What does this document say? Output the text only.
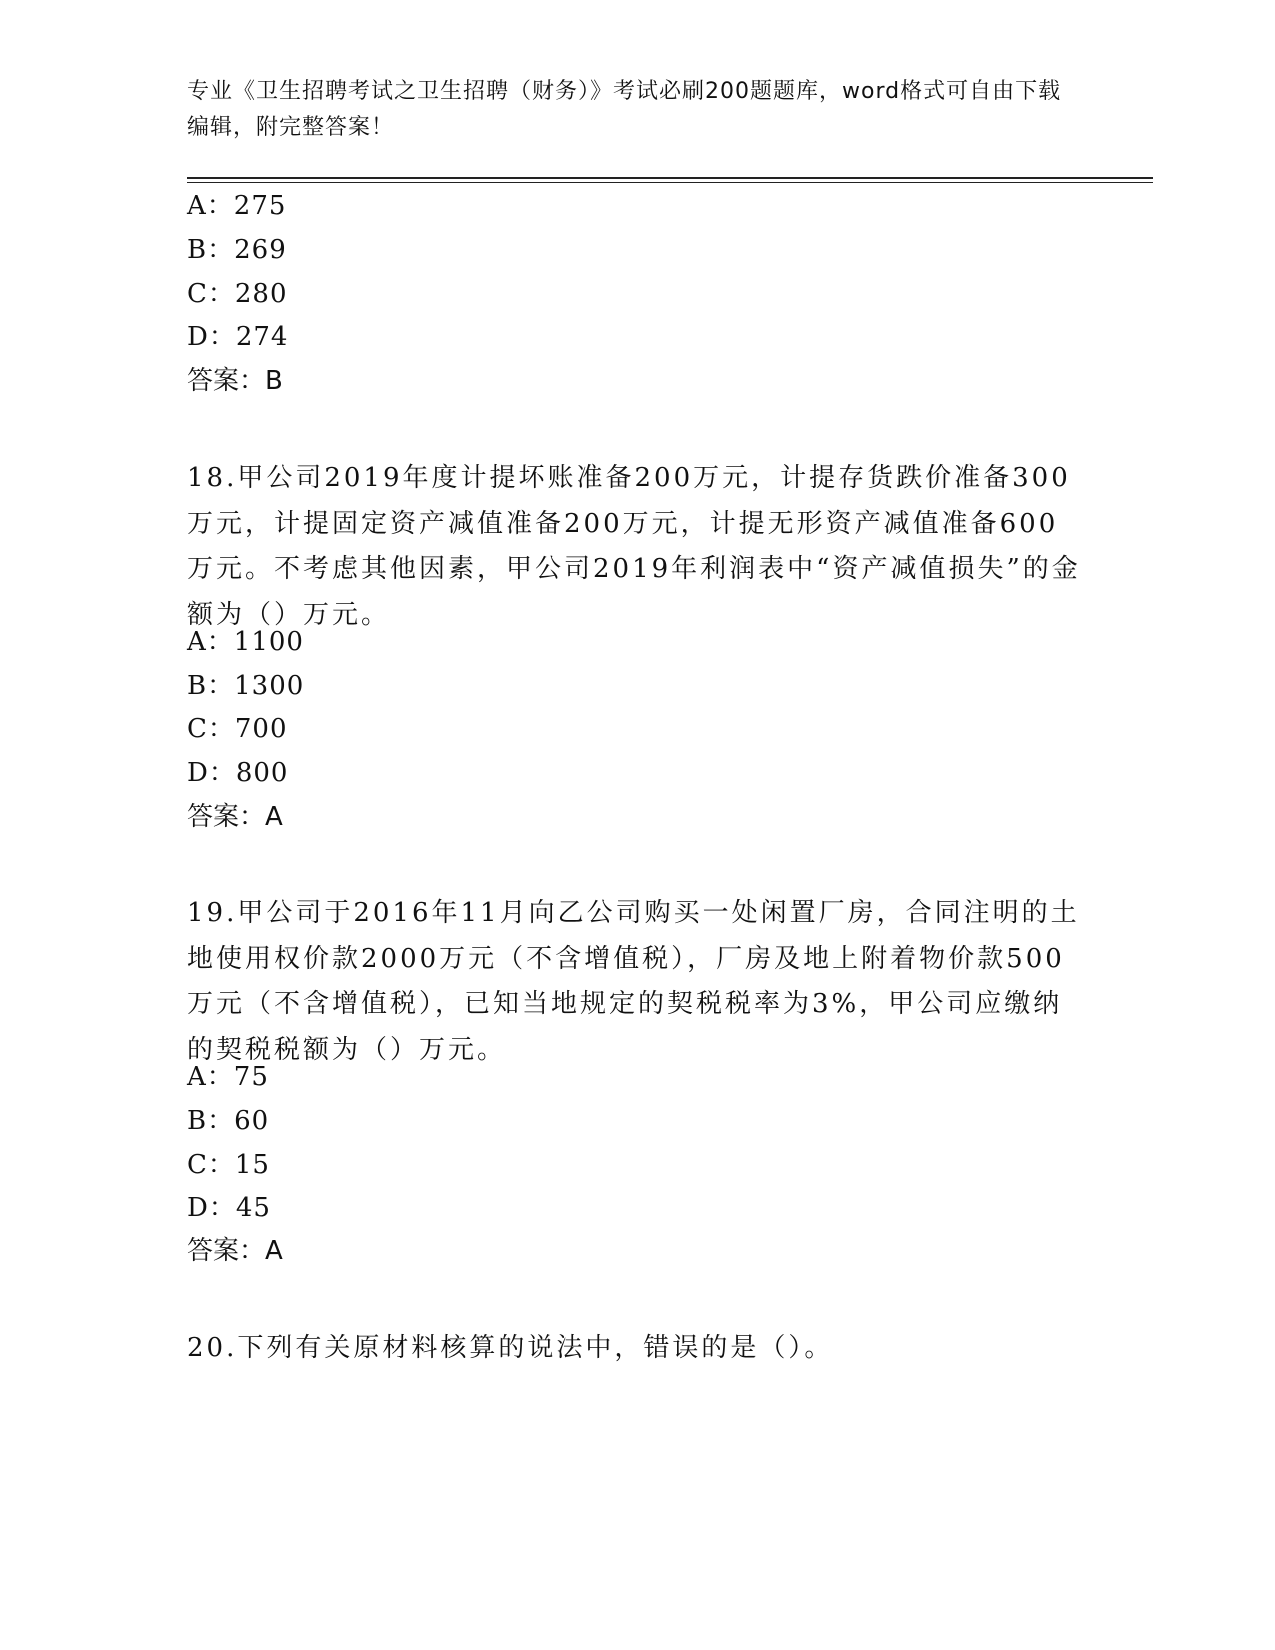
专业《卫生招聘考试之卫生招聘（财务）》考试必刷200题题库，word格式可自由下载编辑，附完整答案！
A：275
B：269
C：280
D：274
答案：B
18.甲公司2019年度计提坏账准备200万元，计提存货跌价准备300万元，计提固定资产减值准备200万元，计提无形资产减值准备600万元。不考虑其他因素，甲公司2019年利润表中“资产减值损失”的金额为（）万元。
A：1100
B：1300
C：700
D：800
答案：A
19.甲公司于2016年11月向乙公司购买一处闲置厂房，合同注明的土地使用权价款2000万元（不含增值税），厂房及地上附着物价款500万元（不含增值税），已知当地规定的契税税率为3%，甲公司应缴纳的契税税额为（）万元。
A：75
B：60
C：15
D：45
答案：A
20.下列有关原材料核算的说法中，错误的是（）。
